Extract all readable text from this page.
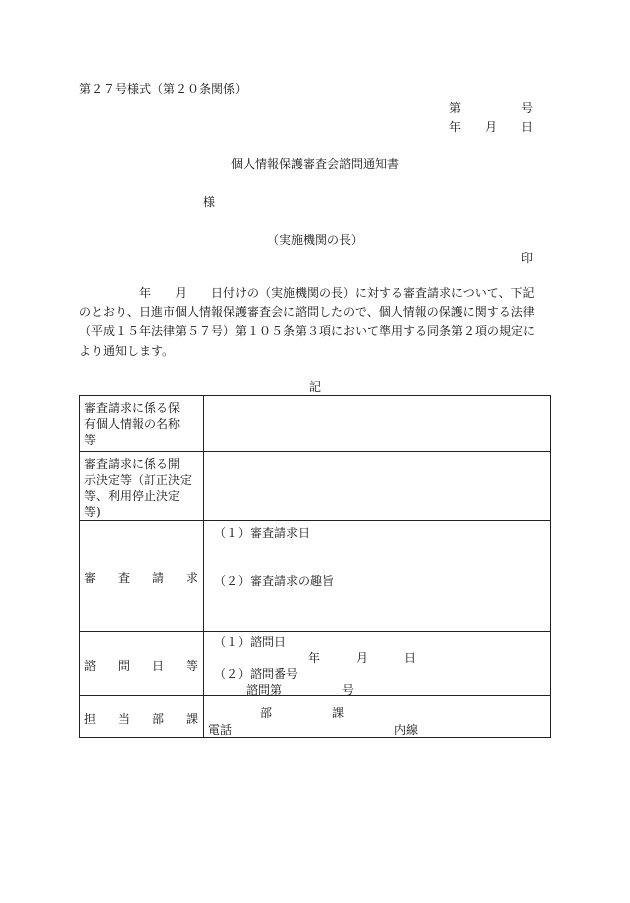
第２７号様式（第２０条関係）
第　　　　　号
年　　月　　日
個人情報保護審査会諮問通知書
様
（実施機関の長）
印
　　　　　年　　月　　日付けの（実施機関の長）に対する審査請求について、下記
のとおり、日進市個人情報保護審査会に諮問したので、個人情報の保護に関する法律
（平成１５年法律第５７号）第１０５条第３項において準用する同条第２項の規定に
より通知します。
記
審査請求に係る保
有個人情報の名称
等	

審査請求に係る開
示決定等（訂正決定
等、利用停止決定
等)	

審 査 請 求	（１）審査請求日
（２）審査請求の趣旨

諮 問 日 等	（１）諮問日
年　　　月　　　日
（２）諮問番号
諮問第　　　　　号

担 当 部 課	部　　　　　課
電話 内線
